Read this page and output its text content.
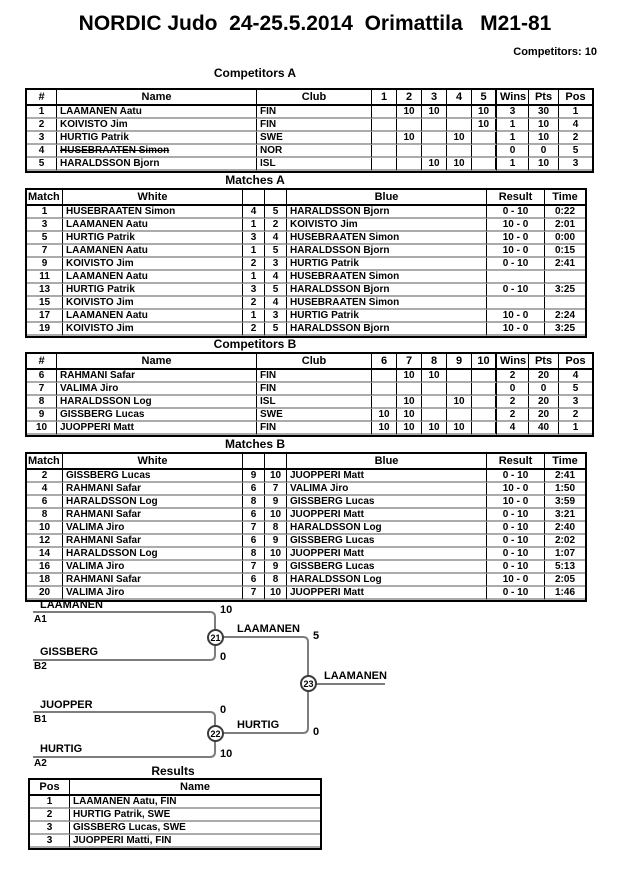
NORDIC Judo  24-25.5.2014  Orimattila   M21-81
Competitors: 10
Competitors A
#	Name	Club	1	2	3	4	5	Wins	Pts	Pos
1	LAAMANEN Aatu	FIN		10	10		10	3	30	1
2	KOIVISTO Jim	FIN					10	1	10	4
3	HURTIG Patrik	SWE		10		10		1	10	2
4	HUSEBRAATEN Simon	NOR						0	0	5
5	HARALDSSON Bjorn	ISL			10	10		1	10	3
Matches A
Match	White			Blue	Result	Time
1	HUSEBRAATEN Simon	4	5	HARALDSSON Bjorn	0 - 10	0:22
3	LAAMANEN Aatu	1	2	KOIVISTO Jim	10 - 0	2:01
5	HURTIG Patrik	3	4	HUSEBRAATEN Simon	10 - 0	0:00
7	LAAMANEN Aatu	1	5	HARALDSSON Bjorn	10 - 0	0:15
9	KOIVISTO Jim	2	3	HURTIG Patrik	0 - 10	2:41
11	LAAMANEN Aatu	1	4	HUSEBRAATEN Simon		
13	HURTIG Patrik	3	5	HARALDSSON Bjorn	0 - 10	3:25
15	KOIVISTO Jim	2	4	HUSEBRAATEN Simon		
17	LAAMANEN Aatu	1	3	HURTIG Patrik	10 - 0	2:24
19	KOIVISTO Jim	2	5	HARALDSSON Bjorn	10 - 0	3:25
Competitors B
#	Name	Club	6	7	8	9	10	Wins	Pts	Pos
6	RAHMANI Safar	FIN		10	10			2	20	4
7	VALIMA Jiro	FIN						0	0	5
8	HARALDSSON Log	ISL		10		10		2	20	3
9	GISSBERG Lucas	SWE	10	10				2	20	2
10	JUOPPERI Matt	FIN	10	10	10	10		4	40	1
Matches B
Match	White			Blue	Result	Time
2	GISSBERG Lucas	9	10	JUOPPERI Matt	0 - 10	2:41
4	RAHMANI Safar	6	7	VALIMA Jiro	10 - 0	1:50
6	HARALDSSON Log	8	9	GISSBERG Lucas	10 - 0	3:59
8	RAHMANI Safar	6	10	JUOPPERI Matt	0 - 10	3:21
10	VALIMA Jiro	7	8	HARALDSSON Log	0 - 10	2:40
12	RAHMANI Safar	6	9	GISSBERG Lucas	0 - 10	2:02
14	HARALDSSON Log	8	10	JUOPPERI Matt	0 - 10	1:07
16	VALIMA Jiro	7	9	GISSBERG Lucas	0 - 10	5:13
18	RAHMANI Safar	6	8	HARALDSSON Log	10 - 0	2:05
20	VALIMA Jiro	7	10	JUOPPERI Matt	0 - 10	1:46
LAAMANEN
A1
10
GISSBERG
B2
0
21
LAAMANEN
5
JUOPPER
B1
0
HURTIG
A2
10
22
HURTIG
0
23
LAAMANEN
Results
Pos	Name
1	LAAMANEN Aatu, FIN
2	HURTIG Patrik, SWE
3	GISSBERG Lucas, SWE
3	JUOPPERI Matti, FIN
